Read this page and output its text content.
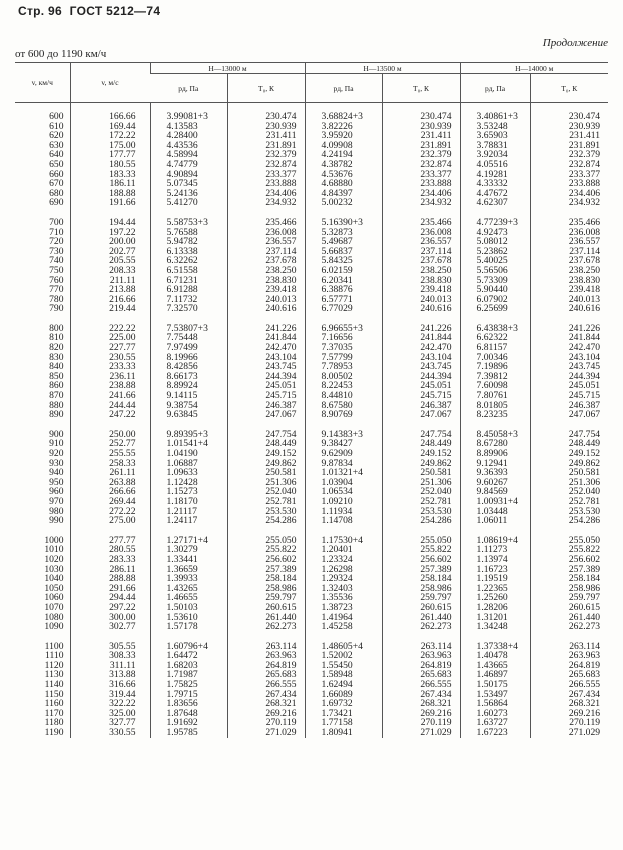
Стр. 96 ГОСТ 5212—74
Продолжение
от 600 до 1190 км/ч
v, км/ч	v, м/с	H—13000 м		H—13500 м		H—14000 м	
		pд, Па	T₀, К	pд, Па	T₀, К	pд, Па	T₀, К
600	166.66	3.99081+3	230.474	3.68824+3	230.474	3.40861+3	230.474
610	169.44	4.13583	230.939	3.82226	230.939	3.53248	230.939
620	172.22	4.28400	231.411	3.95920	231.411	3.65903	231.411
630	175.00	4.43536	231.891	4.09908	231.891	3.78831	231.891
640	177.77	4.58994	232.379	4.24194	232.379	3.92034	232.379
650	180.55	4.74779	232.874	4.38782	232.874	4.05516	232.874
660	183.33	4.90894	233.377	4.53676	233.377	4.19281	233.377
670	186.11	5.07345	233.888	4.68880	233.888	4.33332	233.888
680	188.88	5.24136	234.406	4.84397	234.406	4.47672	234.406
690	191.66	5.41270	234.932	5.00232	234.932	4.62307	234.932
700	194.44	5.58753+3	235.466	5.16390+3	235.466	4.77239+3	235.466
710	197.22	5.76588	236.008	5.32873	236.008	4.92473	236.008
720	200.00	5.94782	236.557	5.49687	236.557	5.08012	236.557
730	202.77	6.13338	237.114	5.66837	237.114	5.23862	237.114
740	205.55	6.32262	237.678	5.84325	237.678	5.40025	237.678
750	208.33	6.51558	238.250	6.02159	238.250	5.56506	238.250
760	211.11	6.71231	238.830	6.20341	238.830	5.73309	238.830
770	213.88	6.91288	239.418	6.38876	239.418	5.90440	239.418
780	216.66	7.11732	240.013	6.57771	240.013	6.07902	240.013
790	219.44	7.32570	240.616	6.77029	240.616	6.25699	240.616
800	222.22	7.53807+3	241.226	6.96655+3	241.226	6.43838+3	241.226
810	225.00	7.75448	241.844	7.16656	241.844	6.62322	241.844
820	227.77	7.97499	242.470	7.37035	242.470	6.81157	242.470
830	230.55	8.19966	243.104	7.57799	243.104	7.00346	243.104
840	233.33	8.42856	243.745	7.78953	243.745	7.19896	243.745
850	236.11	8.66173	244.394	8.00502	244.394	7.39812	244.394
860	238.88	8.89924	245.051	8.22453	245.051	7.60098	245.051
870	241.66	9.14115	245.715	8.44810	245.715	7.80761	245.715
880	244.44	9.38754	246.387	8.67580	246.387	8.01805	246.387
890	247.22	9.63845	247.067	8.90769	247.067	8.23235	247.067
900	250.00	9.89395+3	247.754	9.14383+3	247.754	8.45058+3	247.754
910	252.77	1.01541+4	248.449	9.38427	248.449	8.67280	248.449
920	255.55	1.04190	249.152	9.62909	249.152	8.89906	249.152
930	258.33	1.06887	249.862	9.87834	249.862	9.12941	249.862
940	261.11	1.09633	250.581	1.01321+4	250.581	9.36393	250.581
950	263.88	1.12428	251.306	1.03904	251.306	9.60267	251.306
960	266.66	1.15273	252.040	1.06534	252.040	9.84569	252.040
970	269.44	1.18170	252.781	1.09210	252.781	1.00931+4	252.781
980	272.22	1.21117	253.530	1.11934	253.530	1.03448	253.530
990	275.00	1.24117	254.286	1.14708	254.286	1.06011	254.286
1000	277.77	1.27171+4	255.050	1.17530+4	255.050	1.08619+4	255.050
1010	280.55	1.30279	255.822	1.20401	255.822	1.11273	255.822
1020	283.33	1.33441	256.602	1.23324	256.602	1.13974	256.602
1030	286.11	1.36659	257.389	1.26298	257.389	1.16723	257.389
1040	288.88	1.39933	258.184	1.29324	258.184	1.19519	258.184
1050	291.66	1.43265	258.986	1.32403	258.986	1.22365	258.986
1060	294.44	1.46655	259.797	1.35536	259.797	1.25260	259.797
1070	297.22	1.50103	260.615	1.38723	260.615	1.28206	260.615
1080	300.00	1.53610	261.440	1.41964	261.440	1.31201	261.440
1090	302.77	1.57178	262.273	1.45258	262.273	1.34248	262.273
1100	305.55	1.60796+4	263.114	1.48605+4	263.114	1.37338+4	263.114
1110	308.33	1.64472	263.963	1.52002	263.963	1.40478	263.963
1120	311.11	1.68203	264.819	1.55450	264.819	1.43665	264.819
1130	313.88	1.71987	265.683	1.58948	265.683	1.46897	265.683
1140	316.66	1.75825	266.555	1.62494	266.555	1.50175	266.555
1150	319.44	1.79715	267.434	1.66089	267.434	1.53497	267.434
1160	322.22	1.83656	268.321	1.69732	268.321	1.56864	268.321
1170	325.00	1.87648	269.216	1.73421	269.216	1.60273	269.216
1180	327.77	1.91692	270.119	1.77158	270.119	1.63727	270.119
1190	330.55	1.95785	271.029	1.80941	271.029	1.67223	271.029
